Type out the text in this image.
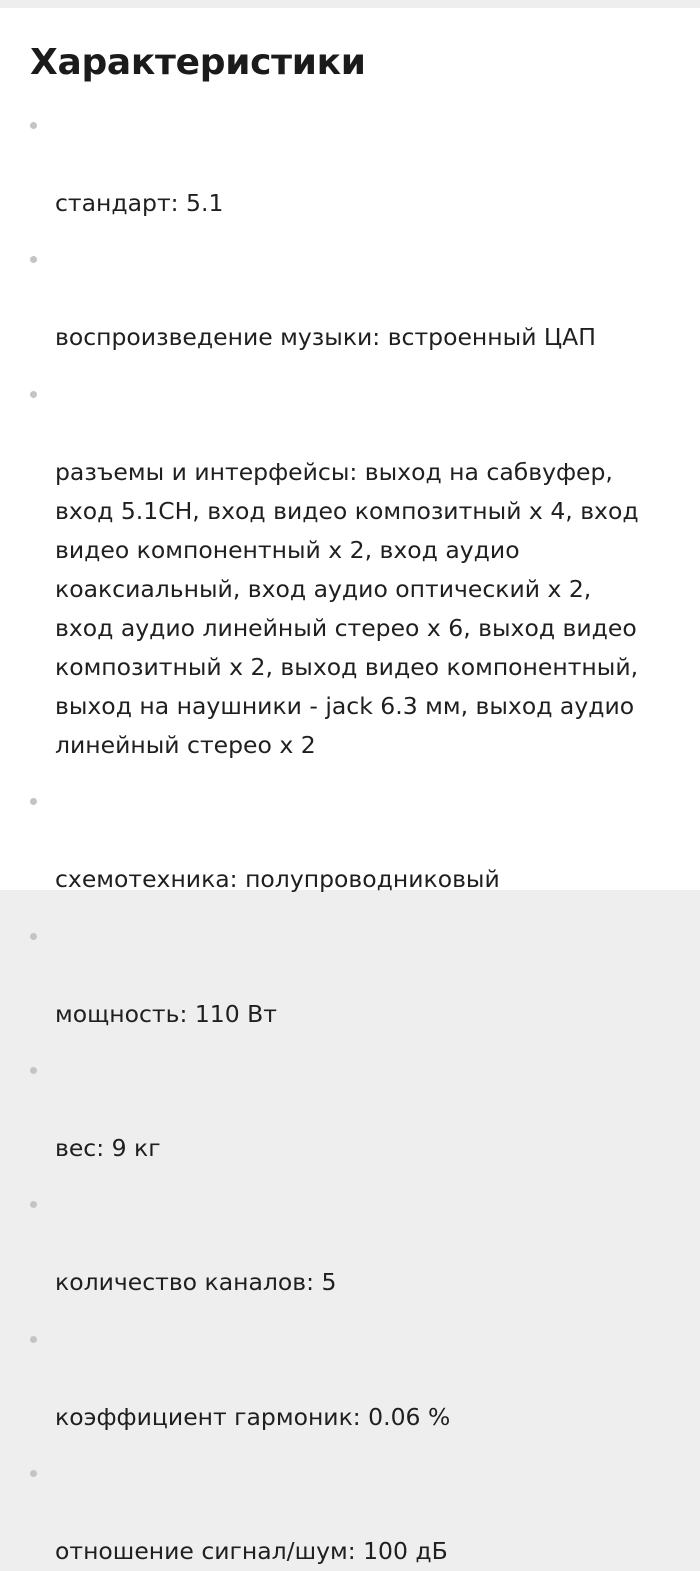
Характеристики

стандарт: 5.1

воспроизведение музыки: встроенный ЦАП

разъемы и интерфейсы: выход на сабвуфер,
вход 5.1CH, вход видео композитный x 4, вход
видео компонентный x 2, вход аудио
коаксиальный, вход аудио оптический x 2,
вход аудио линейный стерео x 6, выход видео
композитный x 2, выход видео компонентный,
выход на наушники - jack 6.3 мм, выход аудио
линейный стерео x 2

схемотехника: полупроводниковый

мощность: 110 Вт

вес: 9 кг

количество каналов: 5

коэффициент гармоник: 0.06 %

отношение сигнал/шум: 100 дБ
